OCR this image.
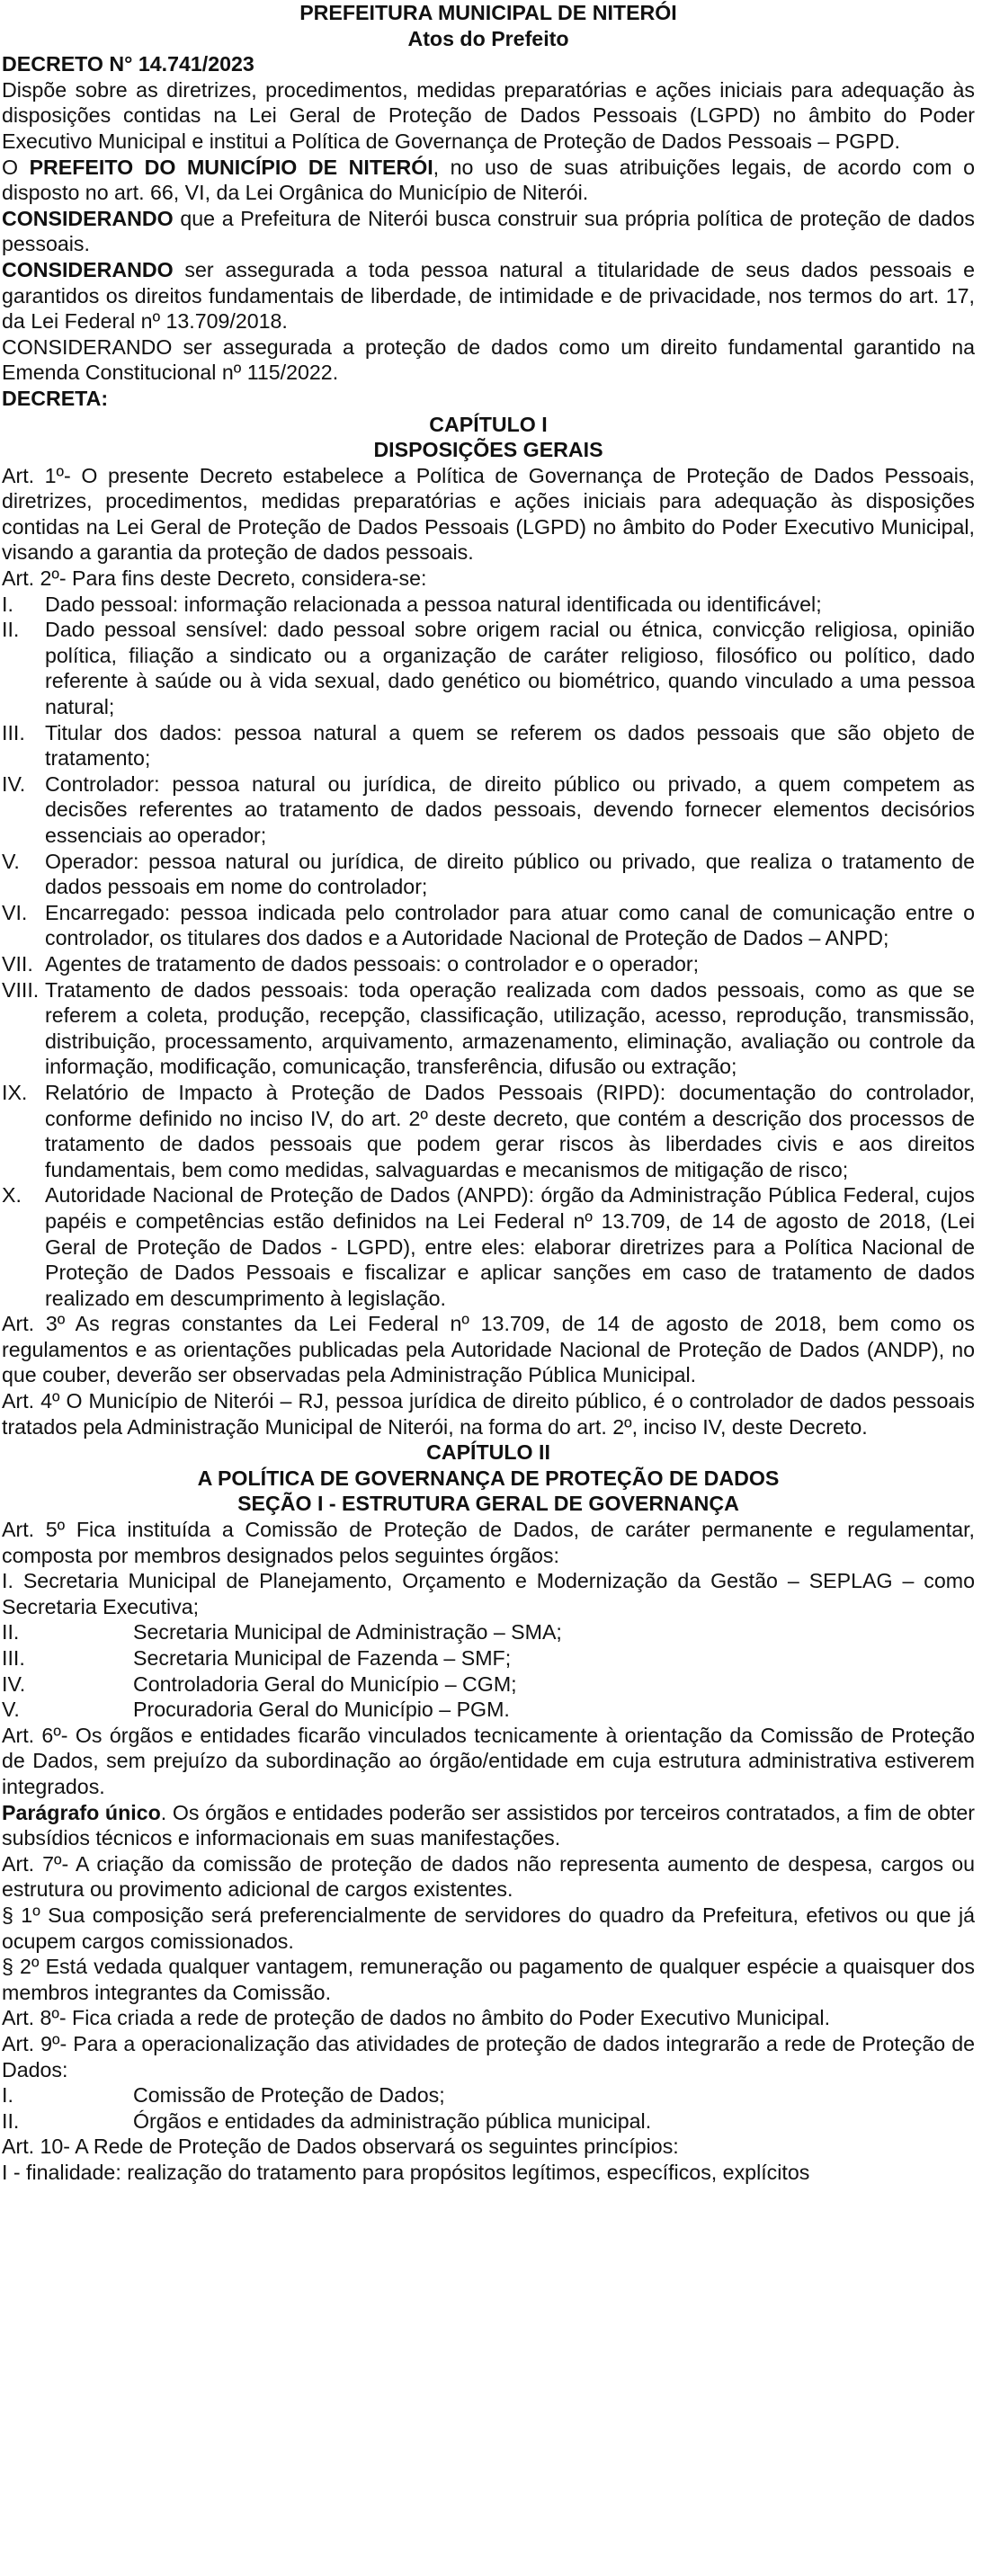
PREFEITURA MUNICIPAL DE NITERÓI

Atos do Prefeito

DECRETO N° 14.741/2023

Dispõe sobre as diretrizes, procedimentos, medidas preparatórias e ações iniciais para adequação às disposições contidas na Lei Geral de Proteção de Dados Pessoais (LGPD) no âmbito do Poder Executivo Municipal e institui a Política de Governança de Proteção de Dados Pessoais – PGPD.

O PREFEITO DO MUNICÍPIO DE NITERÓI, no uso de suas atribuições legais, de acordo com o disposto no art. 66, VI, da Lei Orgânica do Município de Niterói.

CONSIDERANDO que a Prefeitura de Niterói busca construir sua própria política de proteção de dados pessoais.

CONSIDERANDO ser assegurada a toda pessoa natural a titularidade de seus dados pessoais e garantidos os direitos fundamentais de liberdade, de intimidade e de privacidade, nos termos do art. 17, da Lei Federal nº 13.709/2018.

CONSIDERANDO ser assegurada a proteção de dados como um direito fundamental garantido na Emenda Constitucional nº 115/2022.

DECRETA:

CAPÍTULO I

DISPOSIÇÕES GERAIS

Art. 1º- O presente Decreto estabelece a Política de Governança de Proteção de Dados Pessoais, diretrizes, procedimentos, medidas preparatórias e ações iniciais para adequação às disposições contidas na Lei Geral de Proteção de Dados Pessoais (LGPD) no âmbito do Poder Executivo Municipal, visando a garantia da proteção de dados pessoais.

Art. 2º- Para fins deste Decreto, considera-se:

I.	Dado pessoal: informação relacionada a pessoa natural identificada ou identificável;
II.	Dado pessoal sensível: dado pessoal sobre origem racial ou étnica, convicção religiosa, opinião política, filiação a sindicato ou a organização de caráter religioso, filosófico ou político, dado referente à saúde ou à vida sexual, dado genético ou biométrico, quando vinculado a uma pessoa natural;
III. Titular dos dados: pessoa natural a quem se referem os dados pessoais que são objeto de tratamento;
IV. Controlador: pessoa natural ou jurídica, de direito público ou privado, a quem competem as decisões referentes ao tratamento de dados pessoais, devendo fornecer elementos decisórios essenciais ao operador;
V.	Operador: pessoa natural ou jurídica, de direito público ou privado, que realiza o tratamento de dados pessoais em nome do controlador;
VI. Encarregado: pessoa indicada pelo controlador para atuar como canal de comunicação entre o controlador, os titulares dos dados e a Autoridade Nacional de Proteção de Dados – ANPD;
VII. Agentes de tratamento de dados pessoais: o controlador e o operador;
VIII. Tratamento de dados pessoais: toda operação realizada com dados pessoais, como as que se referem a coleta, produção, recepção, classificação, utilização, acesso, reprodução, transmissão, distribuição, processamento, arquivamento, armazenamento, eliminação, avaliação ou controle da informação, modificação, comunicação, transferência, difusão ou extração;
IX. Relatório de Impacto à Proteção de Dados Pessoais (RIPD): documentação do controlador, conforme definido no inciso IV, do art. 2º deste decreto, que contém a descrição dos processos de tratamento de dados pessoais que podem gerar riscos às liberdades civis e aos direitos fundamentais, bem como medidas, salvaguardas e mecanismos de mitigação de risco;
X.	Autoridade Nacional de Proteção de Dados (ANPD): órgão da Administração Pública Federal, cujos papéis e competências estão definidos na Lei Federal nº 13.709, de 14 de agosto de 2018, (Lei Geral de Proteção de Dados - LGPD), entre eles: elaborar diretrizes para a Política Nacional de Proteção de Dados Pessoais e fiscalizar e aplicar sanções em caso de tratamento de dados realizado em descumprimento à legislação.

Art. 3º As regras constantes da Lei Federal nº 13.709, de 14 de agosto de 2018, bem como os regulamentos e as orientações publicadas pela Autoridade Nacional de Proteção de Dados (ANDP), no que couber, deverão ser observadas pela Administração Pública Municipal.

Art. 4º O Município de Niterói – RJ, pessoa jurídica de direito público, é o controlador de dados pessoais tratados pela Administração Municipal de Niterói, na forma do art. 2º, inciso IV, deste Decreto.

CAPÍTULO II

A POLÍTICA DE GOVERNANÇA DE PROTEÇÃO DE DADOS

SEÇÃO I - ESTRUTURA GERAL DE GOVERNANÇA

Art. 5º Fica instituída a Comissão de Proteção de Dados, de caráter permanente e regulamentar, composta por membros designados pelos seguintes órgãos:

I. Secretaria Municipal de Planejamento, Orçamento e Modernização da Gestão – SEPLAG – como Secretaria Executiva;

II.	Secretaria Municipal de Administração – SMA;
III.	Secretaria Municipal de Fazenda – SMF;
IV.	Controladoria Geral do Município – CGM;
V.	Procuradoria Geral do Município – PGM.

Art. 6º- Os órgãos e entidades ficarão vinculados tecnicamente à orientação da Comissão de Proteção de Dados, sem prejuízo da subordinação ao órgão/entidade em cuja estrutura administrativa estiverem integrados.

Parágrafo único. Os órgãos e entidades poderão ser assistidos por terceiros contratados, a fim de obter subsídios técnicos e informacionais em suas manifestações.

Art. 7º- A criação da comissão de proteção de dados não representa aumento de despesa, cargos ou estrutura ou provimento adicional de cargos existentes.

§ 1º Sua composição será preferencialmente de servidores do quadro da Prefeitura, efetivos ou que já ocupem cargos comissionados.

§ 2º Está vedada qualquer vantagem, remuneração ou pagamento de qualquer espécie a quaisquer dos membros integrantes da Comissão.

Art. 8º- Fica criada a rede de proteção de dados no âmbito do Poder Executivo Municipal.

Art. 9º- Para a operacionalização das atividades de proteção de dados integrarão a rede de Proteção de Dados:

I.	Comissão de Proteção de Dados;
II.	Órgãos e entidades da administração pública municipal.

Art. 10- A Rede de Proteção de Dados observará os seguintes princípios:

I - finalidade: realização do tratamento para propósitos legítimos, específicos, explícitos
